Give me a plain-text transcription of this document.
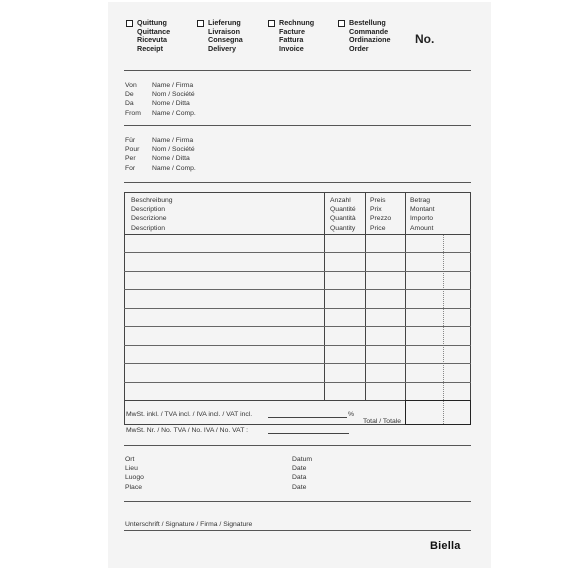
Quittung
Quittance
Ricevuta
Receipt
Lieferung
Livraison
Consegna
Delivery
Rechnung
Facture
Fattura
Invoice
Bestellung
Commande
Ordinazione
Order
No.
Von
De
Da
From
Name / Firma
Nom / Société
Nome / Ditta
Name / Comp.
Für
Pour
Per
For
Name / Firma
Nom / Société
Nome / Ditta
Name / Comp.
Beschreibung
Description
Descrizione
Description
Anzahl
Quantité
Quantità
Quantity
Preis
Prix
Prezzo
Price
Betrag
Montant
Importo
Amount
MwSt. inkl. / TVA incl. / IVA incl. / VAT incl.	%
Total / Totale
MwSt. Nr. / No. TVA / No. IVA / No. VAT :
Ort
Lieu
Luogo
Place
Datum
Date
Data
Date
Unterschrift / Signature / Firma / Signature
Biella
